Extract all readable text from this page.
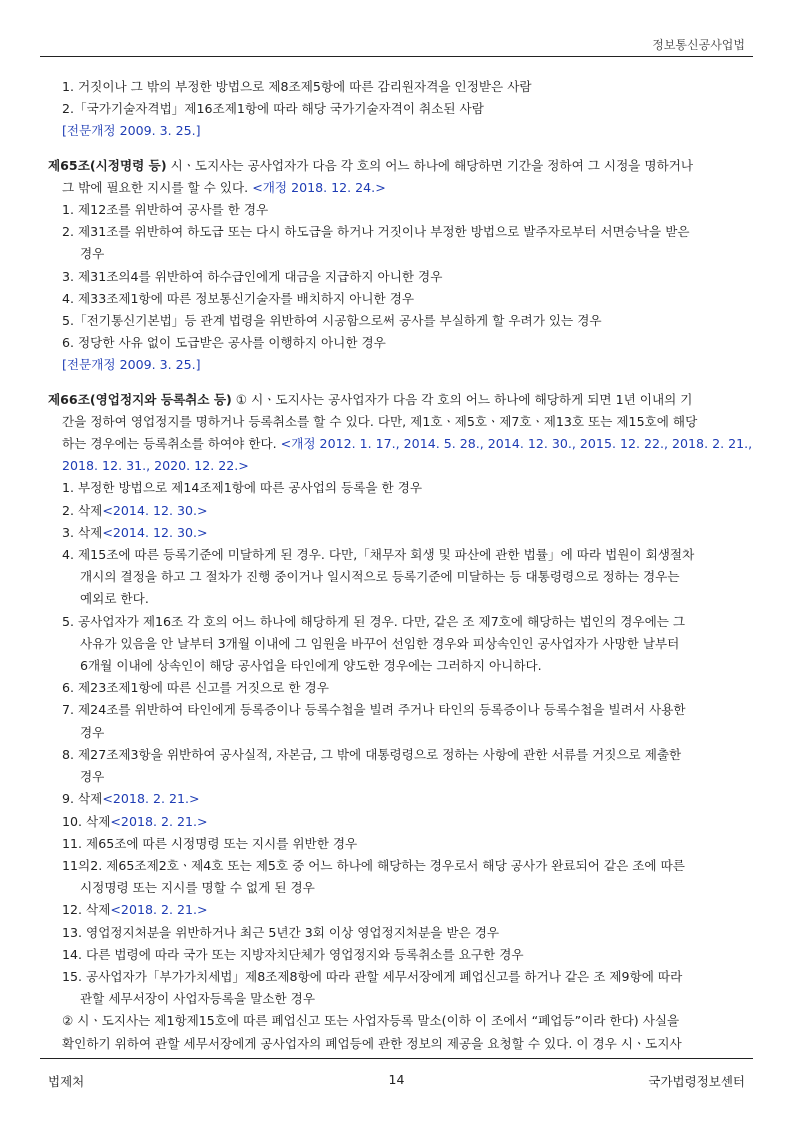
정보통신공사업법
1. 거짓이나 그 밖의 부정한 방법으로 제8조제5항에 따른 감리원자격을 인정받은 사람
2.「국가기술자격법」제16조제1항에 따라 해당 국가기술자격이 취소된 사람
[전문개정 2009. 3. 25.]
제65조(시정명령 등) 시ㆍ도지사는 공사업자가 다음 각 호의 어느 하나에 해당하면 기간을 정하여 그 시정을 명하거나
그 밖에 필요한 지시를 할 수 있다. <개정 2018. 12. 24.>
1. 제12조를 위반하여 공사를 한 경우
2. 제31조를 위반하여 하도급 또는 다시 하도급을 하거나 거짓이나 부정한 방법으로 발주자로부터 서면승낙을 받은
경우
3. 제31조의4를 위반하여 하수급인에게 대금을 지급하지 아니한 경우
4. 제33조제1항에 따른 정보통신기술자를 배치하지 아니한 경우
5.「전기통신기본법」등 관계 법령을 위반하여 시공함으로써 공사를 부실하게 할 우려가 있는 경우
6. 정당한 사유 없이 도급받은 공사를 이행하지 아니한 경우
[전문개정 2009. 3. 25.]
제66조(영업정지와 등록취소 등) ① 시ㆍ도지사는 공사업자가 다음 각 호의 어느 하나에 해당하게 되면 1년 이내의 기
간을 정하여 영업정지를 명하거나 등록취소를 할 수 있다. 다만, 제1호ㆍ제5호ㆍ제7호ㆍ제13호 또는 제15호에 해당
하는 경우에는 등록취소를 하여야 한다. <개정 2012. 1. 17., 2014. 5. 28., 2014. 12. 30., 2015. 12. 22., 2018. 2. 21.,
2018. 12. 31., 2020. 12. 22.>
1. 부정한 방법으로 제14조제1항에 따른 공사업의 등록을 한 경우
2. 삭제<2014. 12. 30.>
3. 삭제<2014. 12. 30.>
4. 제15조에 따른 등록기준에 미달하게 된 경우. 다만,「채무자 회생 및 파산에 관한 법률」에 따라 법원이 회생절차
개시의 결정을 하고 그 절차가 진행 중이거나 일시적으로 등록기준에 미달하는 등 대통령령으로 정하는 경우는
예외로 한다.
5. 공사업자가 제16조 각 호의 어느 하나에 해당하게 된 경우. 다만, 같은 조 제7호에 해당하는 법인의 경우에는 그
사유가 있음을 안 날부터 3개월 이내에 그 임원을 바꾸어 선임한 경우와 피상속인인 공사업자가 사망한 날부터
6개월 이내에 상속인이 해당 공사업을 타인에게 양도한 경우에는 그러하지 아니하다.
6. 제23조제1항에 따른 신고를 거짓으로 한 경우
7. 제24조를 위반하여 타인에게 등록증이나 등록수첩을 빌려 주거나 타인의 등록증이나 등록수첩을 빌려서 사용한
경우
8. 제27조제3항을 위반하여 공사실적, 자본금, 그 밖에 대통령령으로 정하는 사항에 관한 서류를 거짓으로 제출한
경우
9. 삭제<2018. 2. 21.>
10. 삭제<2018. 2. 21.>
11. 제65조에 따른 시정명령 또는 지시를 위반한 경우
11의2. 제65조제2호ㆍ제4호 또는 제5호 중 어느 하나에 해당하는 경우로서 해당 공사가 완료되어 같은 조에 따른
시정명령 또는 지시를 명할 수 없게 된 경우
12. 삭제<2018. 2. 21.>
13. 영업정지처분을 위반하거나 최근 5년간 3회 이상 영업정지처분을 받은 경우
14. 다른 법령에 따라 국가 또는 지방자치단체가 영업정지와 등록취소를 요구한 경우
15. 공사업자가「부가가치세법」제8조제8항에 따라 관할 세무서장에게 폐업신고를 하거나 같은 조 제9항에 따라
관할 세무서장이 사업자등록을 말소한 경우
② 시ㆍ도지사는 제1항제15호에 따른 폐업신고 또는 사업자등록 말소(이하 이 조에서 “폐업등”이라 한다) 사실을
확인하기 위하여 관할 세무서장에게 공사업자의 폐업등에 관한 정보의 제공을 요청할 수 있다. 이 경우 시ㆍ도지사
법제처	14	국가법령정보센터
